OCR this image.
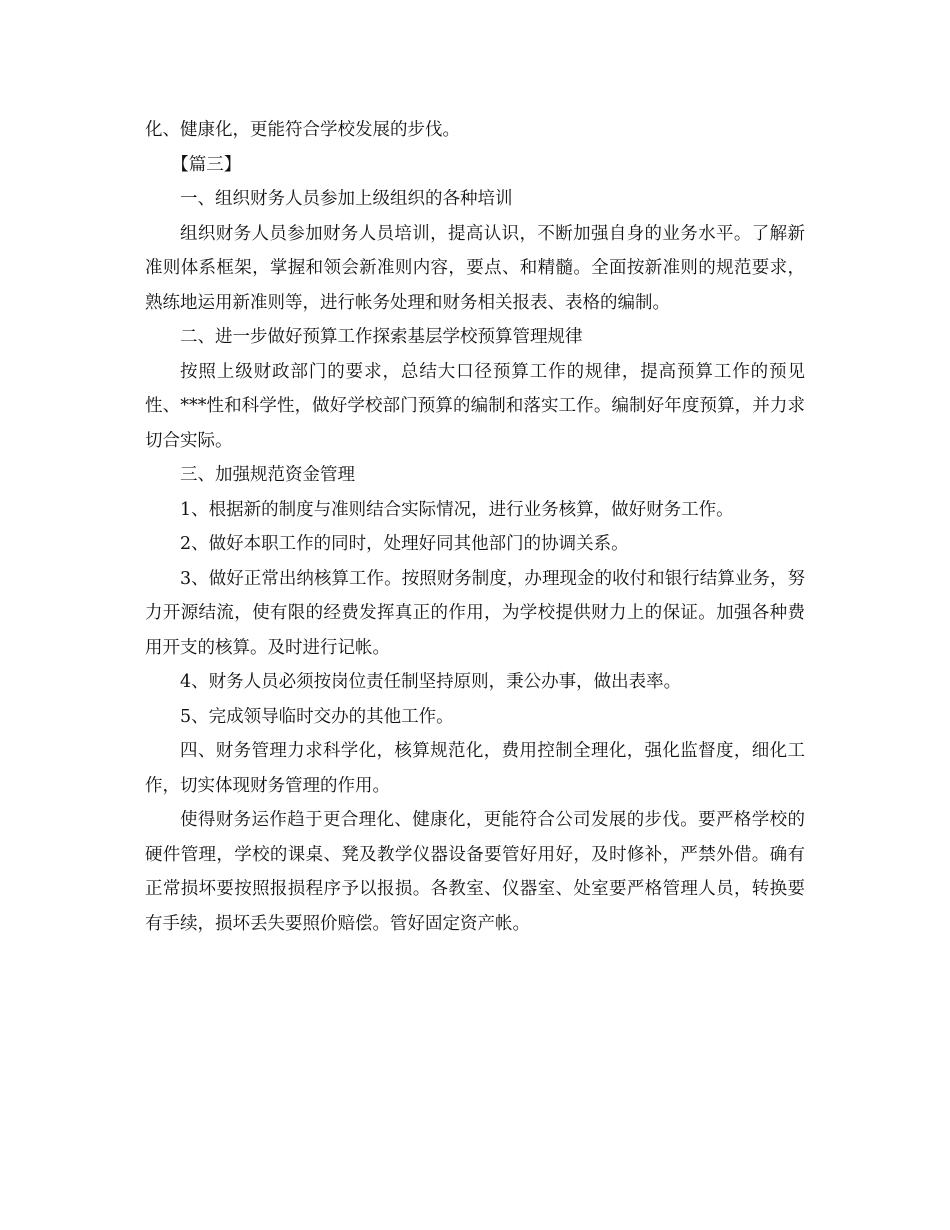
化、健康化，更能符合学校发展的步伐。

【篇三】

一、组织财务人员参加上级组织的各种培训

组织财务人员参加财务人员培训，提高认识，不断加强自身的业务水平。了解新准则体系框架，掌握和领会新准则内容，要点、和精髓。全面按新准则的规范要求，熟练地运用新准则等，进行帐务处理和财务相关报表、表格的编制。

二、进一步做好预算工作探索基层学校预算管理规律

按照上级财政部门的要求，总结大口径预算工作的规律，提高预算工作的预见性、***性和科学性，做好学校部门预算的编制和落实工作。编制好年度预算，并力求切合实际。

三、加强规范资金管理

1、根据新的制度与准则结合实际情况，进行业务核算，做好财务工作。

2、做好本职工作的同时，处理好同其他部门的协调关系。

3、做好正常出纳核算工作。按照财务制度，办理现金的收付和银行结算业务，努力开源结流，使有限的经费发挥真正的作用，为学校提供财力上的保证。加强各种费用开支的核算。及时进行记帐。

4、财务人员必须按岗位责任制坚持原则，秉公办事，做出表率。

5、完成领导临时交办的其他工作。

四、财务管理力求科学化，核算规范化，费用控制全理化，强化监督度，细化工作，切实体现财务管理的作用。

使得财务运作趋于更合理化、健康化，更能符合公司发展的步伐。要严格学校的硬件管理，学校的课桌、凳及教学仪器设备要管好用好，及时修补，严禁外借。确有正常损坏要按照报损程序予以报损。各教室、仪器室、处室要严格管理人员，转换要有手续，损坏丢失要照价赔偿。管好固定资产帐。
